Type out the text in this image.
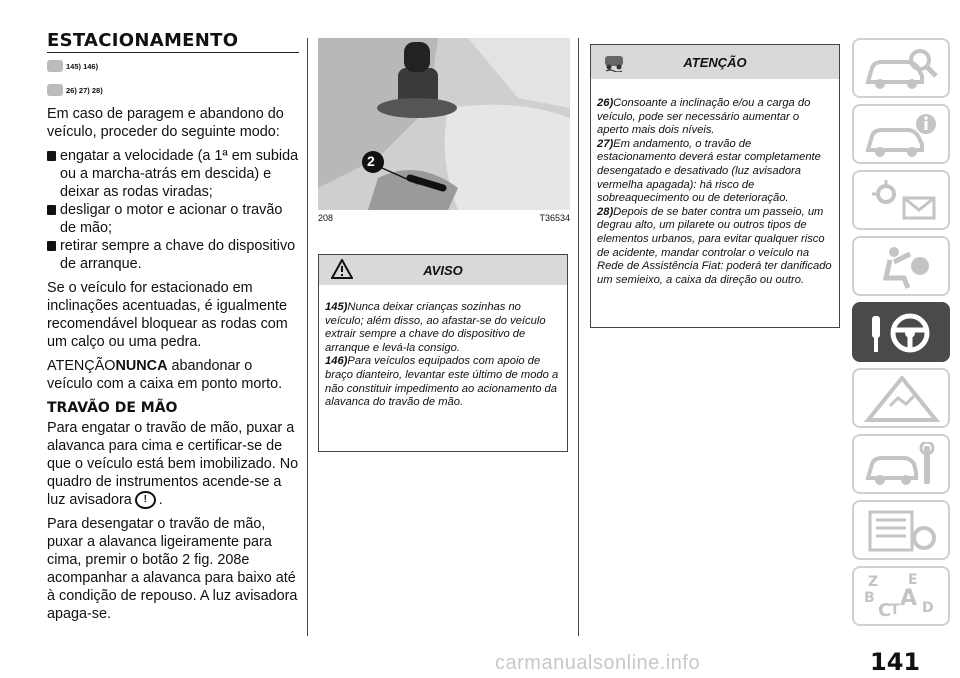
ESTACIONAMENTO
145) 146)
26) 27) 28)

Em caso de paragem e abandono do veículo, proceder do seguinte modo:

engatar a velocidade (a 1ª em subida ou a marcha-atrás em descida) e deixar as rodas viradas;
desligar o motor e acionar o travão de mão;
retirar sempre a chave do dispositivo de arranque.

Se o veículo for estacionado em inclinações acentuadas, é igualmente recomendável bloquear as rodas com um calço ou uma pedra.

ATENÇÃONUNCA abandonar o veículo com a caixa em ponto morto.

TRAVÃO DE MÃO

Para engatar o travão de mão, puxar a alavanca para cima e certificar-se de que o veículo está bem imobilizado. No quadro de instrumentos acende-se a luz avisadora ! .

Para desengatar o travão de mão, puxar a alavanca ligeiramente para cima, premir o botão 2 fig. 208e acompanhar a alavanca para baixo até à condição de repouso. A luz avisadora apaga-se.

2
208	T36534
AVISO

145)Nunca deixar crianças sozinhas no veículo; além disso, ao afastar-se do veículo extrair sempre a chave do dispositivo de arranque e levá-la consigo.

146)Para veículos equipados com apoio de braço dianteiro, levantar este último de modo a não constituir impedimento ao acionamento da alavanca do travão de mão.

ATENÇÃO

26)Consoante a inclinação e/ou a carga do veículo, pode ser necessário aumentar o aperto mais dois níveis.

27)Em andamento, o travão de estacionamento deverá estar completamente desengatado e desativado (luz avisadora vermelha apagada): há risco de sobreaquecimento ou de deterioração.

28)Depois de se bater contra um passeio, um degrau alto, um pilarete ou outros tipos de elementos urbanos, para evitar qualquer risco de acidente, mandar controlar o veículo na Rede de Assistência Fiat: poderá ter danificado um semieixo, a caixa da direção ou outro.

Z E
B A
C
T D
141
carmanualsonline.info
